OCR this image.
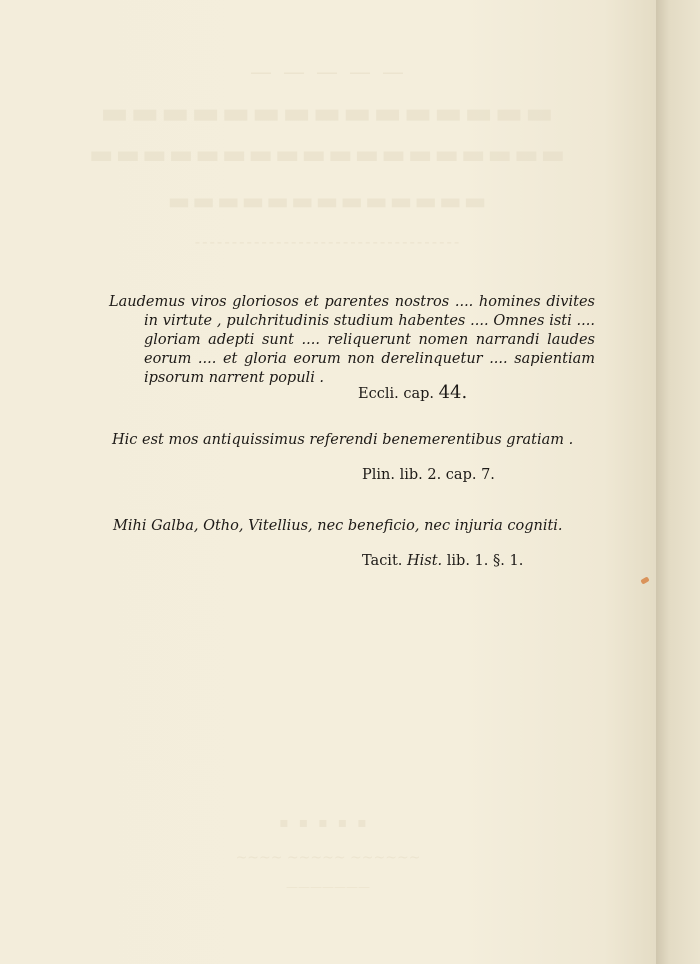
— — — — —
▬▬▬▬▬▬▬▬▬▬▬▬▬▬▬
▬▬▬▬▬▬▬▬▬▬▬▬▬▬▬▬▬▬
▬▬▬▬▬▬▬▬▬▬▬▬▬
‐‐‐‐‐‐‐‐‐‐‐‐‐‐‐‐‐‐‐‐‐‐‐‐‐‐‐‐‐‐‐‐‐‐‐‐
Laudemus viros gloriosos et parentes nostros .... homines divites
in virtute , pulchritudinis studium habentes .... Omnes isti ....
gloriam adepti sunt .... reliquerunt nomen narrandi laudes
eorum .... et gloria eorum non derelinquetur .... sapientiam
ipsorum narrent populi .
Eccli. cap. 44.
Hic est mos antiquissimus referendi benemerentibus gratiam .
Plin. lib. 2. cap. 7.
Mihi Galba, Otho, Vitellius, nec beneficio, nec injuria cogniti.
Tacit. Hist. lib. 1. §. 1.
▪▪▪▪▪
~~~~ ~~~~~ ~~~~~~
———————
